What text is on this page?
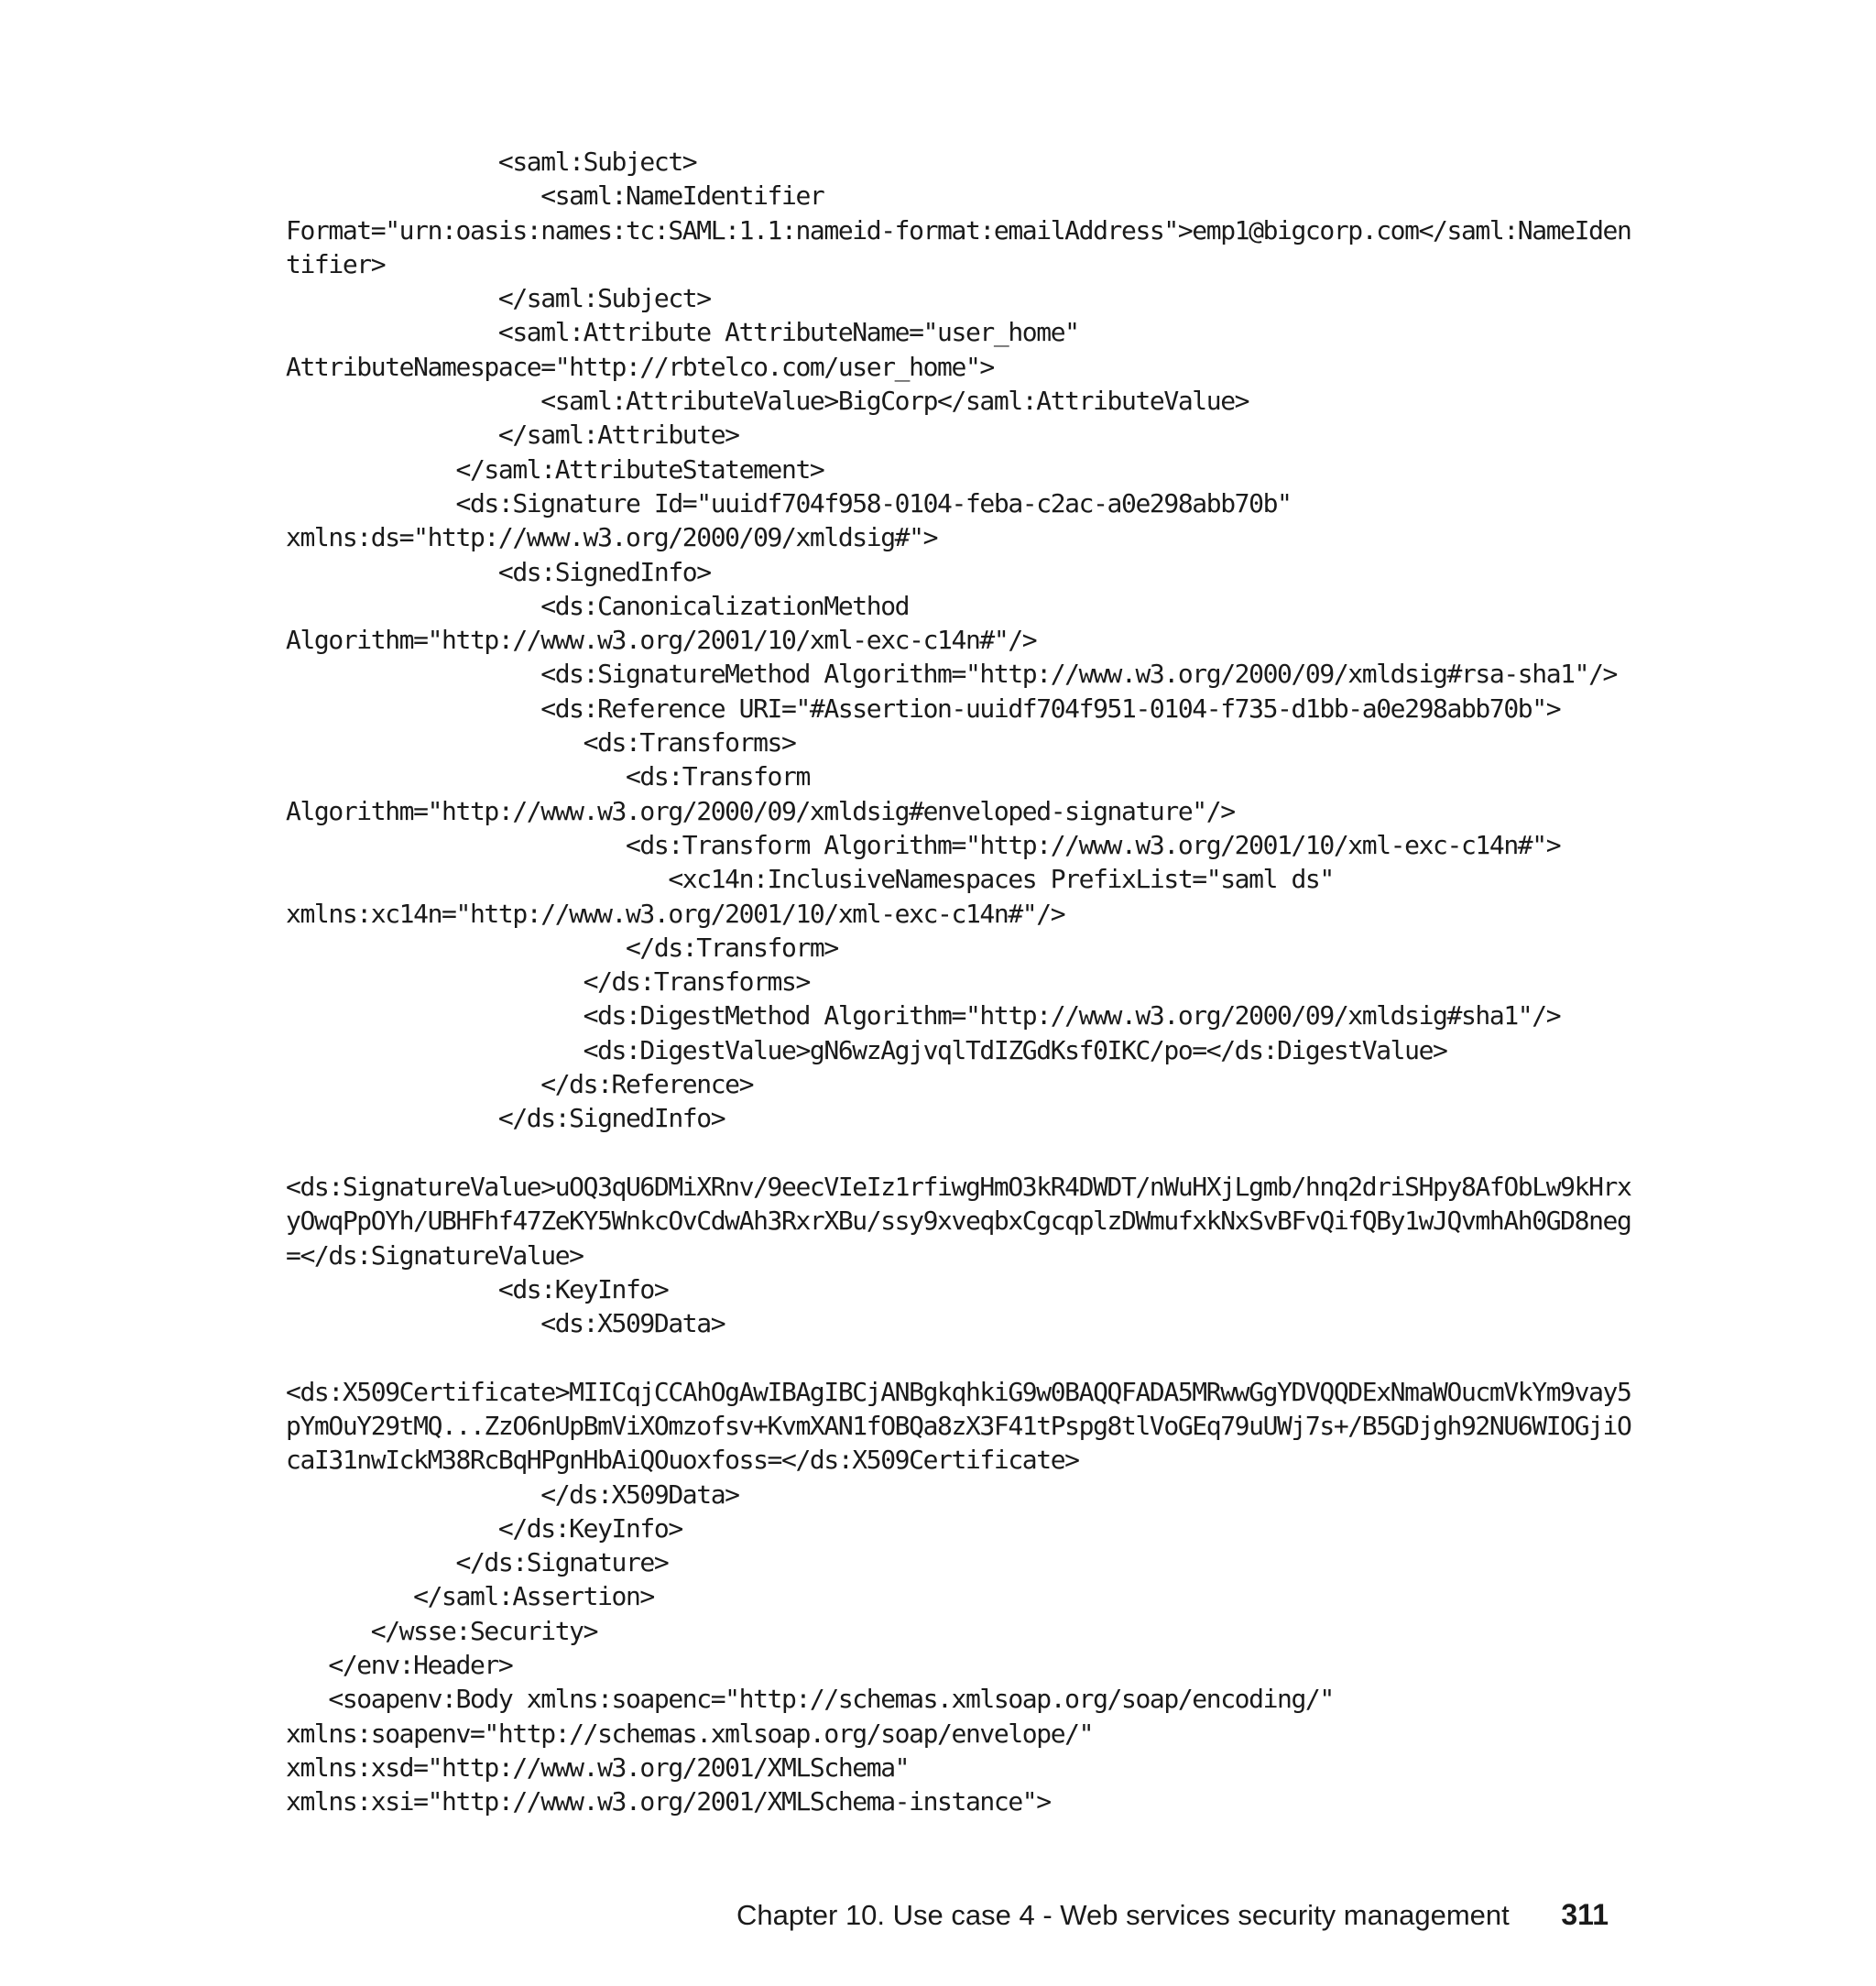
<saml:Subject>
<saml:NameIdentifier
Format="urn:oasis:names:tc:SAML:1.1:nameid-format:emailAddress">emp1@bigcorp.com</saml:NameIden
tifier>
</saml:Subject>
<saml:Attribute AttributeName="user_home"
AttributeNamespace="http://rbtelco.com/user_home">
<saml:AttributeValue>BigCorp</saml:AttributeValue>
</saml:Attribute>
</saml:AttributeStatement>
<ds:Signature Id="uuidf704f958-0104-feba-c2ac-a0e298abb70b"
xmlns:ds="http://www.w3.org/2000/09/xmldsig#">
<ds:SignedInfo>
<ds:CanonicalizationMethod
Algorithm="http://www.w3.org/2001/10/xml-exc-c14n#"/>
<ds:SignatureMethod Algorithm="http://www.w3.org/2000/09/xmldsig#rsa-sha1"/>
<ds:Reference URI="#Assertion-uuidf704f951-0104-f735-d1bb-a0e298abb70b">
<ds:Transforms>
<ds:Transform
Algorithm="http://www.w3.org/2000/09/xmldsig#enveloped-signature"/>
<ds:Transform Algorithm="http://www.w3.org/2001/10/xml-exc-c14n#">
<xc14n:InclusiveNamespaces PrefixList="saml ds"
xmlns:xc14n="http://www.w3.org/2001/10/xml-exc-c14n#"/>
</ds:Transform>
</ds:Transforms>
<ds:DigestMethod Algorithm="http://www.w3.org/2000/09/xmldsig#sha1"/>
<ds:DigestValue>gN6wzAgjvqlTdIZGdKsf0IKC/po=</ds:DigestValue>
</ds:Reference>
</ds:SignedInfo>
<ds:SignatureValue>uOQ3qU6DMiXRnv/9eecVIeIz1rfiwgHmO3kR4DWDT/nWuHXjLgmb/hnq2driSHpy8AfObLw9kHrx
yOwqPpOYh/UBHFhf47ZeKY5WnkcOvCdwAh3RxrXBu/ssy9xveqbxCgcqplzDWmufxkNxSvBFvQifQBy1wJQvmhAh0GD8neg
=</ds:SignatureValue>
<ds:KeyInfo>
<ds:X509Data>
<ds:X509Certificate>MIICqjCCAhOgAwIBAgIBCjANBgkqhkiG9w0BAQQFADA5MRwwGgYDVQQDExNmaWOucmVkYm9vay5
pYmOuY29tMQ...ZzO6nUpBmViXOmzofsv+KvmXAN1fOBQa8zX3F41tPspg8tlVoGEq79uUWj7s+/B5GDjgh92NU6WIOGjiO
caI31nwIckM38RcBqHPgnHbAiQOuoxfoss=</ds:X509Certificate>
</ds:X509Data>
</ds:KeyInfo>
</ds:Signature>
</saml:Assertion>
</wsse:Security>
</env:Header>
<soapenv:Body xmlns:soapenc="http://schemas.xmlsoap.org/soap/encoding/"
xmlns:soapenv="http://schemas.xmlsoap.org/soap/envelope/"
xmlns:xsd="http://www.w3.org/2001/XMLSchema"
xmlns:xsi="http://www.w3.org/2001/XMLSchema-instance">
Chapter 10. Use case 4 - Web services security management 311
